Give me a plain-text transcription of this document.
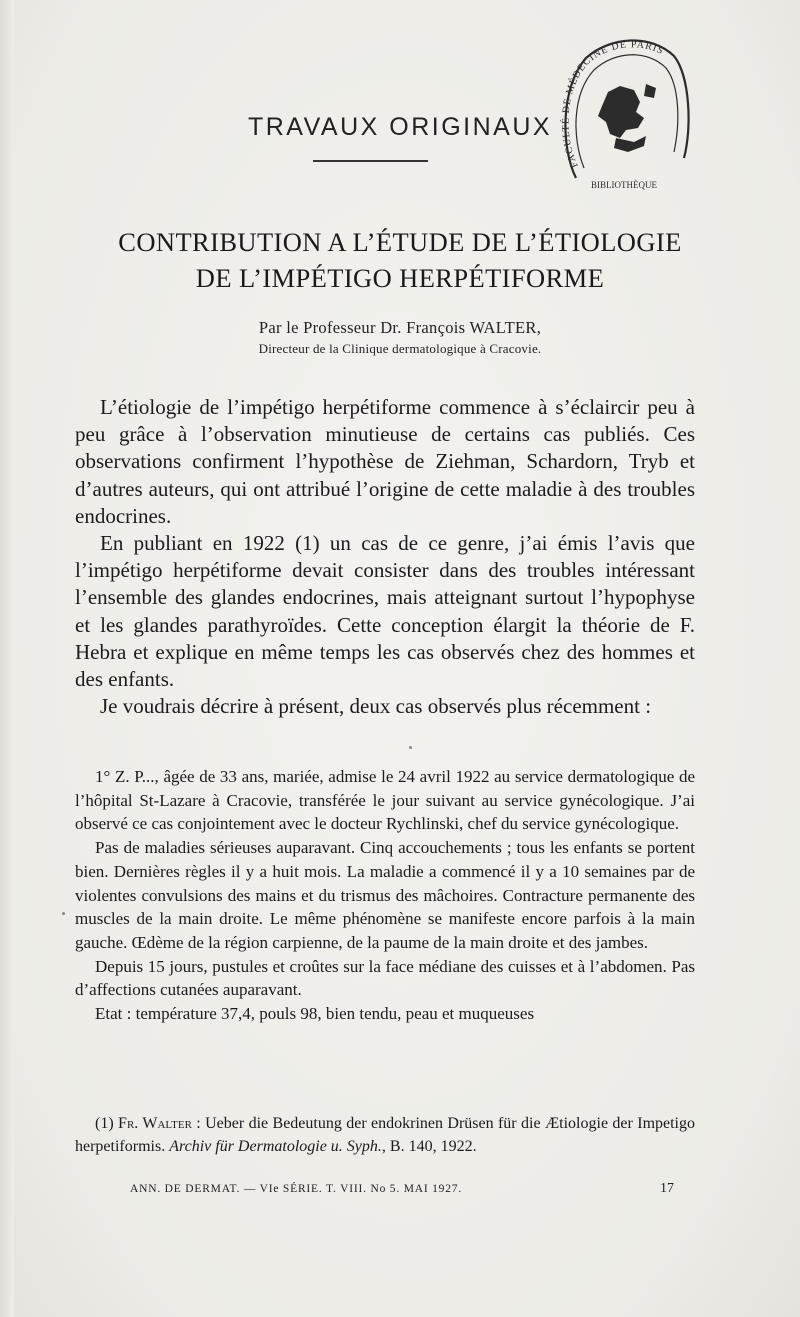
TRAVAUX ORIGINAUX
BIBLIOTHÈQUE
FACULTÉ DE MÉDECINE DE PARIS
CONTRIBUTION A L’ÉTUDE DE L’ÉTIOLOGIE
DE L’IMPÉTIGO HERPÉTIFORME
Par le Professeur Dr. François WALTER,
Directeur de la Clinique dermatologique à Cracovie.

L’étiologie de l’impétigo herpétiforme commence à s’éclaircir peu à peu grâce à l’observation minutieuse de certains cas publiés. Ces observations confirment l’hypothèse de Ziehman, Schardorn, Tryb et d’autres auteurs, qui ont attribué l’origine de cette maladie à des troubles endocrines.

En publiant en 1922 (1) un cas de ce genre, j’ai émis l’avis que l’impétigo herpétiforme devait consister dans des troubles intéressant l’ensemble des glandes endocrines, mais atteignant surtout l’hypophyse et les glandes parathyroïdes. Cette conception élargit la théorie de F. Hebra et explique en même temps les cas observés chez des hommes et des enfants.

Je voudrais décrire à présent, deux cas observés plus récemment :

1° Z. P..., âgée de 33 ans, mariée, admise le 24 avril 1922 au service dermatologique de l’hôpital St-Lazare à Cracovie, transférée le jour suivant au service gynécologique. J’ai observé ce cas conjointement avec le docteur Rychlinski, chef du service gynécologique.

Pas de maladies sérieuses auparavant. Cinq accouchements ; tous les enfants se portent bien. Dernières règles il y a huit mois. La maladie a commencé il y a 10 semaines par de violentes convulsions des mains et du trismus des mâchoires. Contracture permanente des muscles de la main droite. Le même phénomène se manifeste encore parfois à la main gauche. Œdème de la région carpienne, de la paume de la main droite et des jambes.

Depuis 15 jours, pustules et croûtes sur la face médiane des cuisses et à l’abdomen. Pas d’affections cutanées auparavant.

Etat : température 37,4, pouls 98, bien tendu, peau et muqueuses

(1) Fr. Walter : Ueber die Bedeutung der endokrinen Drüsen für die Ætiologie der Impetigo herpetiformis. Archiv für Dermatologie u. Syph., B. 140, 1922.

ANN. DE DERMAT. — VIe SÉRIE. T. VIII. No 5. MAI 1927.	17
